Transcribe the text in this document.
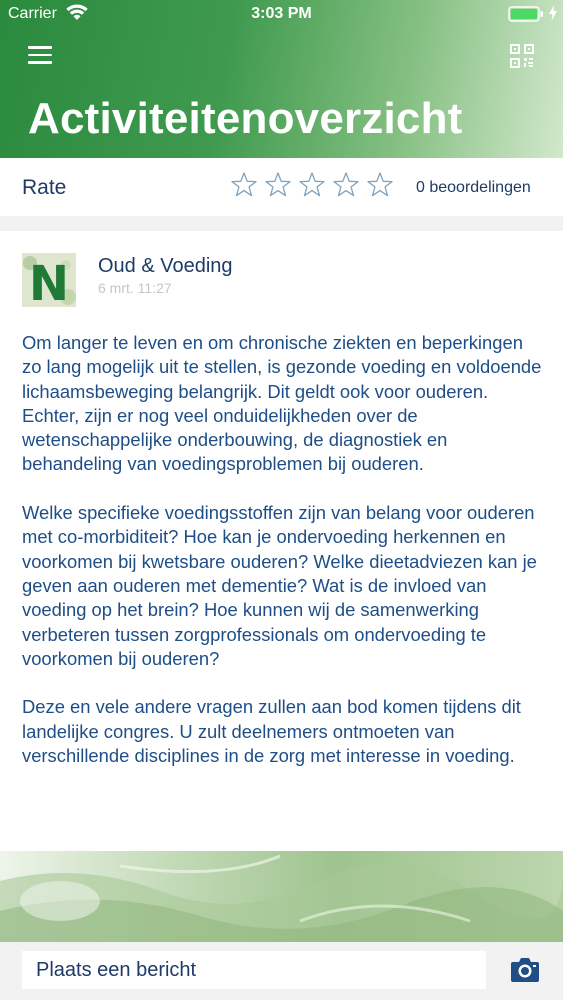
Carrier	3:03 PM
Activiteitenoverzicht
Rate	0 beoordelingen
N Oud & Voeding
6 mrt. 11:27

Om langer te leven en om chronische ziekten en beperkingen zo lang mogelijk uit te stellen, is gezonde voeding en voldoende lichaamsbeweging belangrijk. Dit geldt ook voor ouderen. Echter, zijn er nog veel onduidelijkheden over de wetenschappelijke onderbouwing, de diagnostiek en behandeling van voedingsproblemen bij ouderen.

Welke specifieke voedingsstoffen zijn van belang voor ouderen met co-morbiditeit? Hoe kan je ondervoeding herkennen en voorkomen bij kwetsbare ouderen? Welke dieetadviezen kan je geven aan ouderen met dementie? Wat is de invloed van voeding op het brein? Hoe kunnen wij de samenwerking verbeteren tussen zorgprofessionals om ondervoeding te voorkomen bij ouderen?

Deze en vele andere vragen zullen aan bod komen tijdens dit landelijke congres. U zult deelnemers ontmoeten van verschillende disciplines in de zorg met interesse in voeding.

Plaats een bericht
